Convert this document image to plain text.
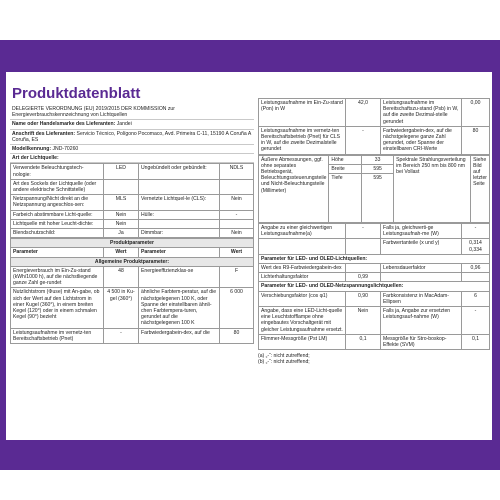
Produktdatenblatt
DELEGIERTE VERORDNUNG (EU) 2019/2015 DER KOMMISSION zur Energieverbrauchskennzeichnung von Lichtquellen
Name oder Handelsmarke des Lieferanten: Jandei
Anschrift des Lieferanten: Servicio Técnico, Polígono Pocomaco, Avd. Primeira C-11, 15190 A Coruña A Coruña, ES
Modellkennung: JND-70260
Art der Lichtquelle:
Verwendete Beleuchtungstech-nologie:	LED	Ungebündelt oder gebündelt:	NDLS
Art des Sockels der Lichtquelle (oder andere elektrische Schnittstelle)			
Netzspannung/Nicht direkt an die Netzspannung angeschlos-sen:	MLS	Vernetzte Lichtquel-le (CLS):	Nein
Farbeich abstimmbare Licht-quelle:	Nein	Hülle:	-
Lichtquelle mit hoher Leucht-dichte:	Nein		
Blendschutzschild:	Ja	Dimmbar:	Nein
Produktparameter			
Parameter	Wert	Parameter	Wert
Allgemeine Produktparameter:			
Energieverbrauch im Ein-Zu-stand (kWh/1000 h), auf die nächstliegende ganze Zahl ge-rundet	48	Energieeffizienzklas-se	F
Nutzlichtstrom (Φuse) mit An-gabe, ob sich der Wert auf den Lichtstrom in einer Kugel (360°), in einem breiten Kegel (120°) oder in einem schmalen Kegel (90°) bezieht	4 500 in Ku-gel (360°)	ähnliche Farbtem-peratur, auf die nächstgelegenen 100 K, oder Spanne der einstellbaren ähnli-chen Farbtempera-turen, gerundet auf die nächstgelegenen 100 K	6 000
Leistungsaufnahme im vernetz-ten Bereitschaftsbetrieb (Pnet)	-	Farbwiedergabein-dex, auf die	80
Leistungsaufnahme im Ein-Zu-stand (Pon) in W	42,0	Leistungsaufnahme im Bereitschaftszu-stand (Psb) in W, auf die zweite Dezimal-stelle gerundet	0,00
Leistungsaufnahme im vernetz-ten Bereitschaftsbetrieb (Pnet) für CLS in W, auf die zweite Dezimalstelle gerundet	-	Farbwiedergabein-dex, auf die nächstgelegene ganze Zahl gerundet, oder Spanne der einstellbaren CRI-Werte	80
Äußere Abmessungen, ggf. ohne separates Betriebsgerät, Beleuchtungssteuerungsteile und Nicht-Beleuchtungsteile (Millimeter)	Höhe	33	Spektrale Strahlungsverteilung im Bereich 250 nm bis 800 nm bei Vollast	Siehe Bild auf letzter Seite
	Breite	595		
	Tiefe	595		
Angabe zu einer gleichwertigen Leistungsaufnahme(a)	-	Falls ja, gleichwerti-ge Leistungsaufnah-me (W)	-
		Farbwertanteile (x und y)	0,314 0,334
Parameter für LED- und OLED-Lichtquellen:			
Wert des R9-Farbwiedergabein-dex		Lebensdauerfaktor	0,96
Lichterhaltungsfaktor	0,99		
Parameter für LED- und OLED-Netzspannungslichtquellen:			
Verschiebungsfaktor (cos φ1)	0,90	Farbkonsistenz in MacAdam-Ellipsen	6
Angabe, dass eine LED-Licht-quelle eine Leuchtstofflampe ohne eingebautes Vorschaltgerät mit gleicher Leistungsaufnahme ersetzt.	Nein	Falls ja, Angabe zur ersetzten Leistungsauf-nahme (W)	-
Flimmer-Messgröße (Pst LM)	0,1	Messgröße für Stro-boskop-Effekte (SVM)	0,1
(a) „-“: nicht zutreffend;
(b) „-“: nicht zutreffend;
